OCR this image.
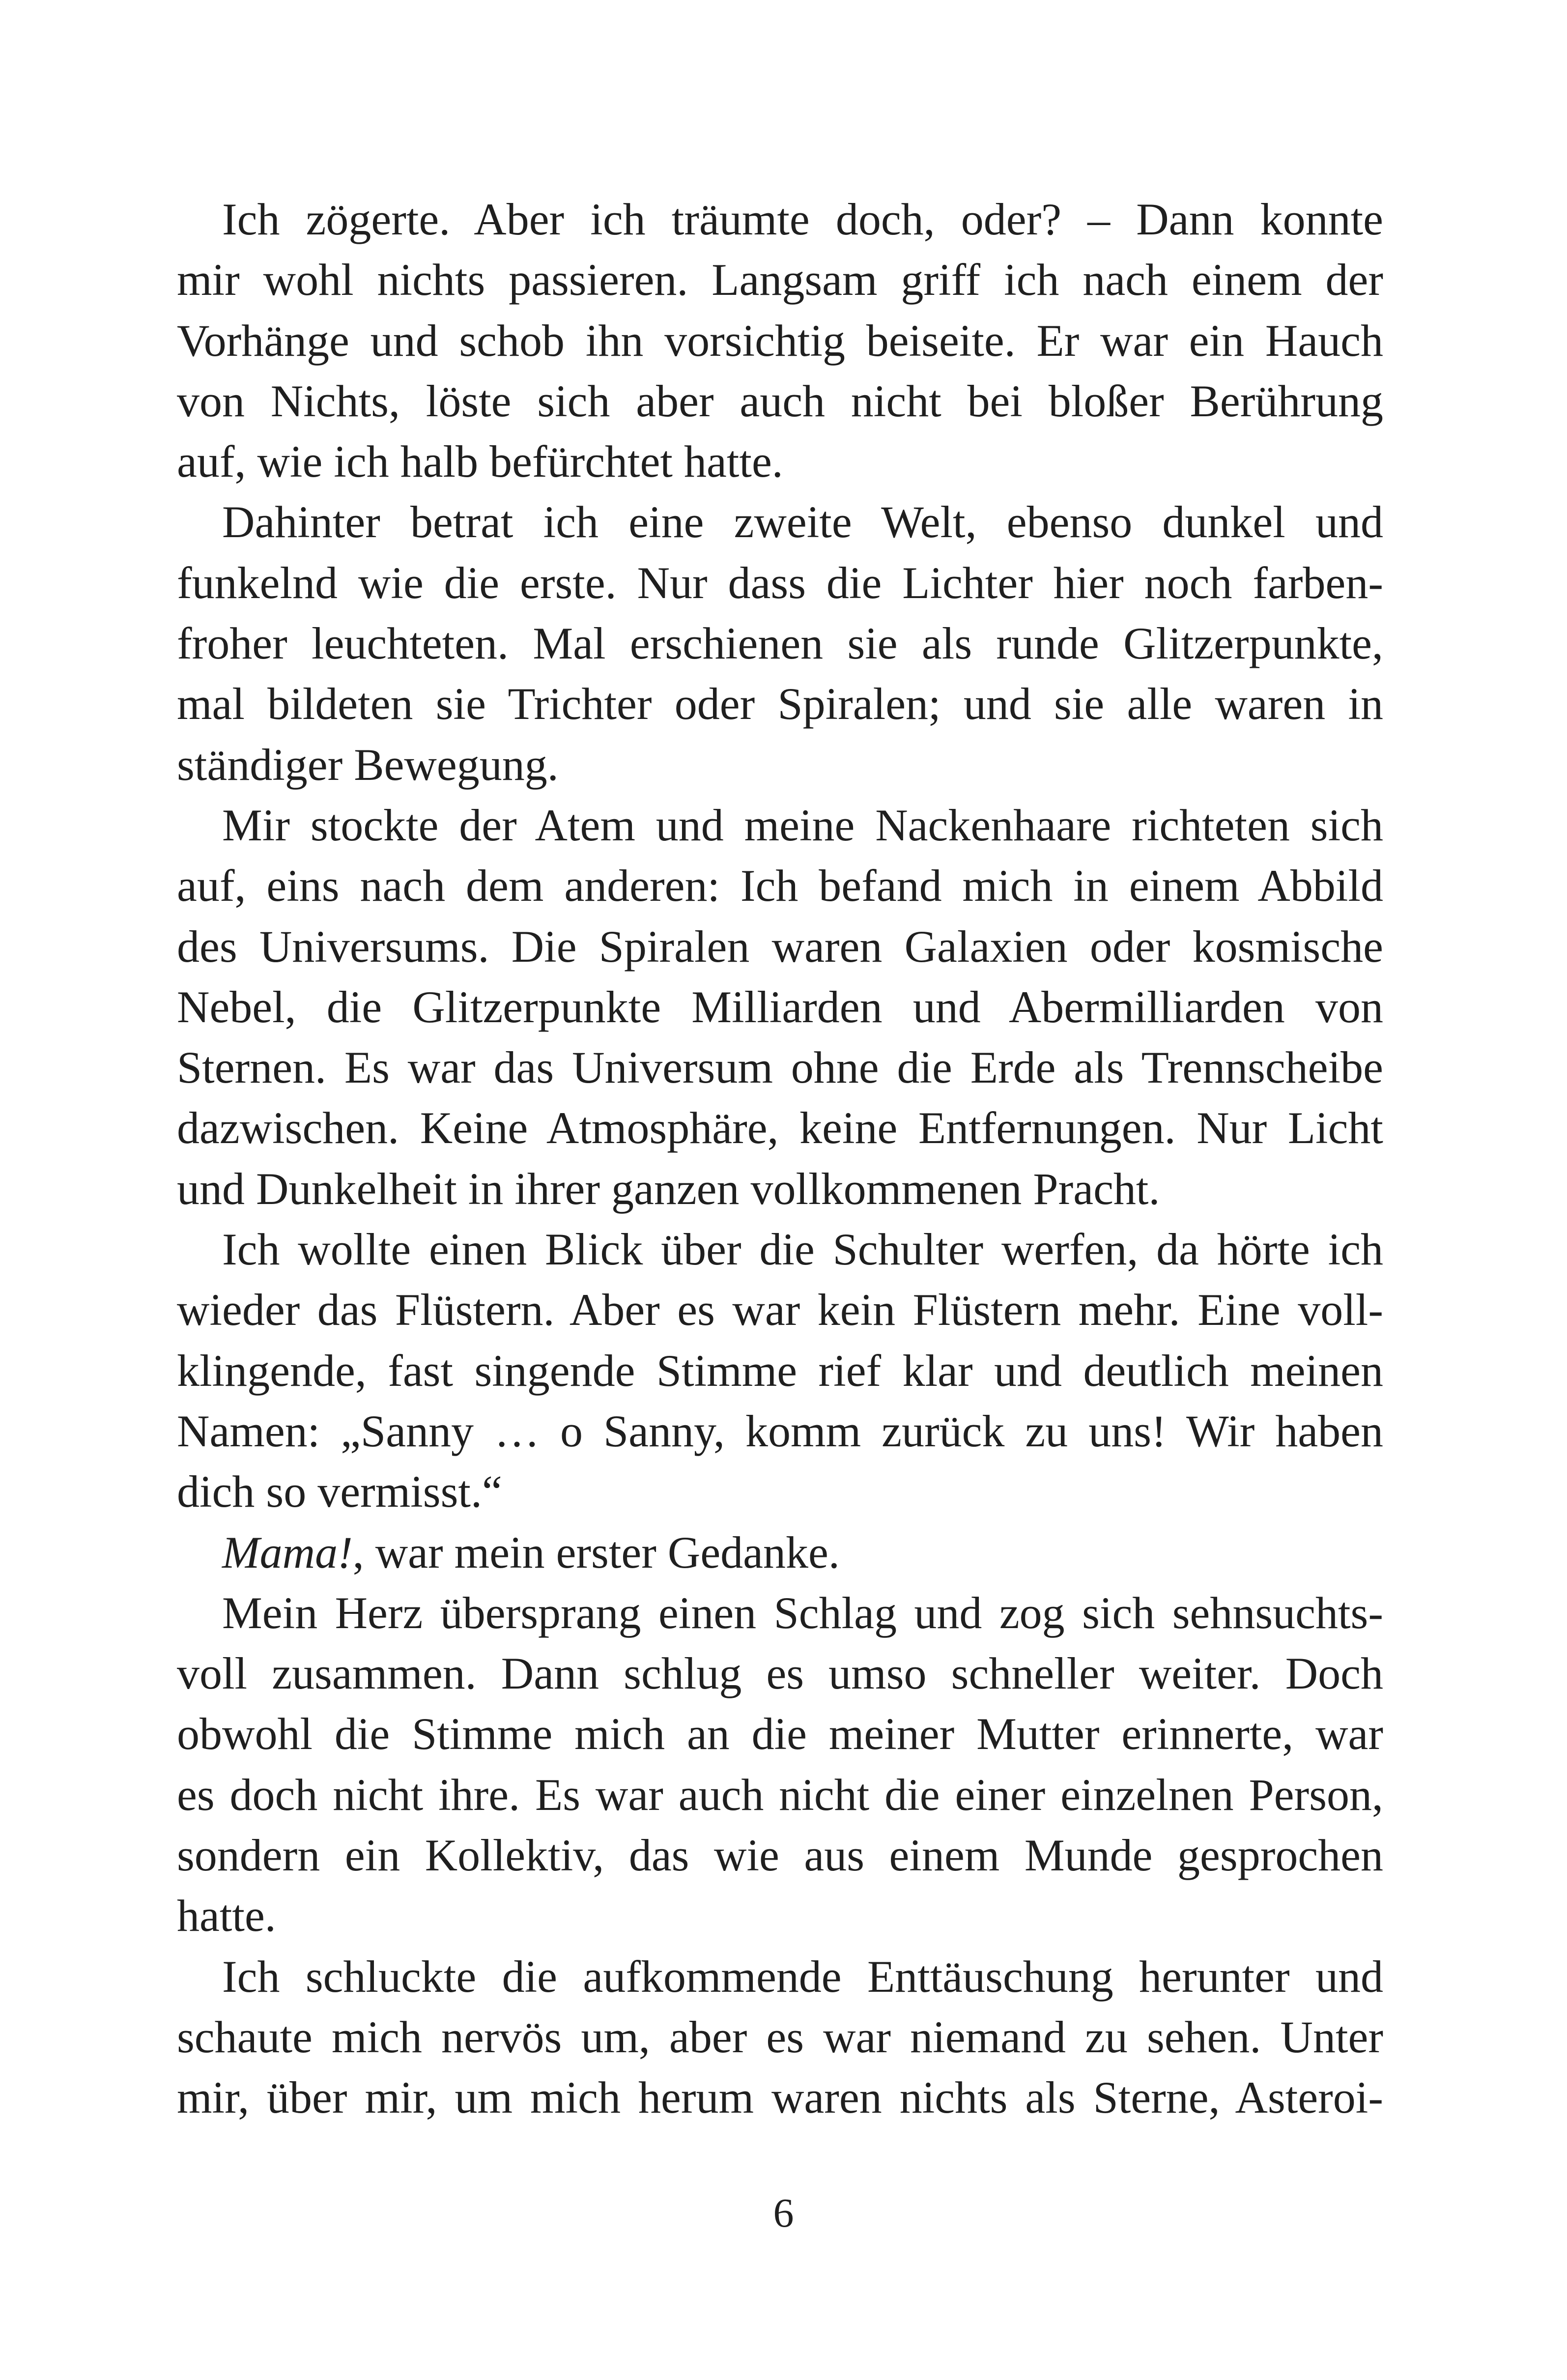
Ich zögerte. Aber ich träumte doch, oder? – Dann konnte
mir wohl nichts passieren. Langsam griff ich nach einem der
Vorhänge und schob ihn vorsichtig beiseite. Er war ein Hauch
von Nichts, löste sich aber auch nicht bei bloßer Berührung
auf, wie ich halb befürchtet hatte.
Dahinter betrat ich eine zweite Welt, ebenso dunkel und
funkelnd wie die erste. Nur dass die Lichter hier noch farben-
froher leuchteten. Mal erschienen sie als runde Glitzerpunkte,
mal bildeten sie Trichter oder Spiralen; und sie alle waren in
ständiger Bewegung.
Mir stockte der Atem und meine Nackenhaare richteten sich
auf, eins nach dem anderen: Ich befand mich in einem Abbild
des Universums. Die Spiralen waren Galaxien oder kosmische
Nebel, die Glitzerpunkte Milliarden und Abermilliarden von
Sternen. Es war das Universum ohne die Erde als Trennscheibe
dazwischen. Keine Atmosphäre, keine Entfernungen. Nur Licht
und Dunkelheit in ihrer ganzen vollkommenen Pracht.
Ich wollte einen Blick über die Schulter werfen, da hörte ich
wieder das Flüstern. Aber es war kein Flüstern mehr. Eine voll-
klingende, fast singende Stimme rief klar und deutlich meinen
Namen: „Sanny … o Sanny, komm zurück zu uns! Wir haben
dich so vermisst.“
Mama!, war mein erster Gedanke.
Mein Herz übersprang einen Schlag und zog sich sehnsuchts-
voll zusammen. Dann schlug es umso schneller weiter. Doch
obwohl die Stimme mich an die meiner Mutter erinnerte, war
es doch nicht ihre. Es war auch nicht die einer einzelnen Person,
sondern ein Kollektiv, das wie aus einem Munde gesprochen
hatte.
Ich schluckte die aufkommende Enttäuschung herunter und
schaute mich nervös um, aber es war niemand zu sehen. Unter
mir, über mir, um mich herum waren nichts als Sterne, Asteroi-
6
